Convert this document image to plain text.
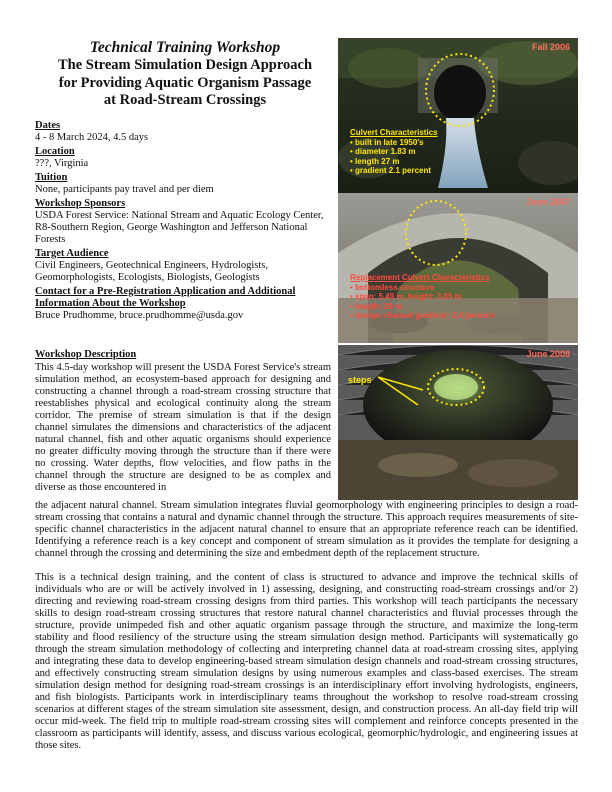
Technical Training Workshop
The Stream Simulation Design Approach
for Providing Aquatic Organism Passage
at Road-Stream Crossings
Dates
4 - 8 March 2024, 4.5 days
Location
???, Virginia
Tuition
None, participants pay travel and per diem
Workshop Sponsors
USDA Forest Service: National Stream and Aquatic Ecology Center, R8-Southern Region, George Washington and Jefferson National Forests
Target Audience
Civil Engineers, Geotechnical Engineers, Hydrologists, Geomorphologists, Ecologists, Biologists, Geologists
Contact for a Pre-Registration Application and Additional Information About the Workshop
Bruce Prudhomme, bruce.prudhomme@usda.gov
Fall 2006
Culvert Characteristics
• built in late 1950's
• diameter 1.83 m
• length 27 m
• gradient 2.1 percent
June 2007
Replacement Culvert Characteristics
• bottomless structure
• span: 5.49 m, height: 3.05 m
• length: 29 m
• design channel gradient: 2.4 percent
June 2008
steps
Workshop Description
This 4.5-day workshop will present the USDA Forest Service's stream simulation method, an ecosystem-based approach for designing and constructing a channel through a road-stream crossing structure that reestablishes physical and ecological continuity along the stream corridor. The premise of stream simulation is that if the design channel simulates the dimensions and characteristics of the adjacent natural channel, fish and other aquatic organisms should experience no greater difficulty moving through the structure than if there were no crossing. Water depths, flow velocities, and flow paths in the channel through the structure are designed to be as complex and diverse as those encountered in
the adjacent natural channel. Stream simulation integrates fluvial geomorphology with engineering principles to design a road-stream crossing that contains a natural and dynamic channel through the structure. This approach requires measurements of site-specific channel characteristics in the adjacent natural channel to ensure that an appropriate reference reach can be identified. Identifying a reference reach is a key concept and component of stream simulation as it provides the template for designing a channel through the crossing and determining the size and embedment depth of the replacement structure.
This is a technical design training, and the content of class is structured to advance and improve the technical skills of individuals who are or will be actively involved in 1) assessing, designing, and constructing road-stream crossings and/or 2) directing and reviewing road-stream crossing designs from third parties. This workshop will teach participants the necessary skills to design road-stream crossing structures that restore natural channel characteristics and fluvial processes through the structure, provide unimpeded fish and other aquatic organism passage through the structure, and maximize the long-term stability and flood resiliency of the structure using the stream simulation design method. Participants will systematically go through the stream simulation methodology of collecting and interpreting channel data at road-stream crossing sites, applying and integrating these data to develop engineering-based stream simulation design channels and road-stream crossing structures, and effectively constructing stream simulation designs by using numerous examples and class-based exercises. The stream simulation design method for designing road-stream crossings is an interdisciplinary effort involving hydrologists, engineers, and fish biologists. Participants work in interdisciplinary teams throughout the workshop to resolve road-stream crossing scenarios at different stages of the stream simulation site assessment, design, and construction process. An all-day field trip will occur mid-week. The field trip to multiple road-stream crossing sites will complement and reinforce concepts presented in the classroom as participants will identify, assess, and discuss various ecological, geomorphic/hydrologic, and engineering issues at those sites.
